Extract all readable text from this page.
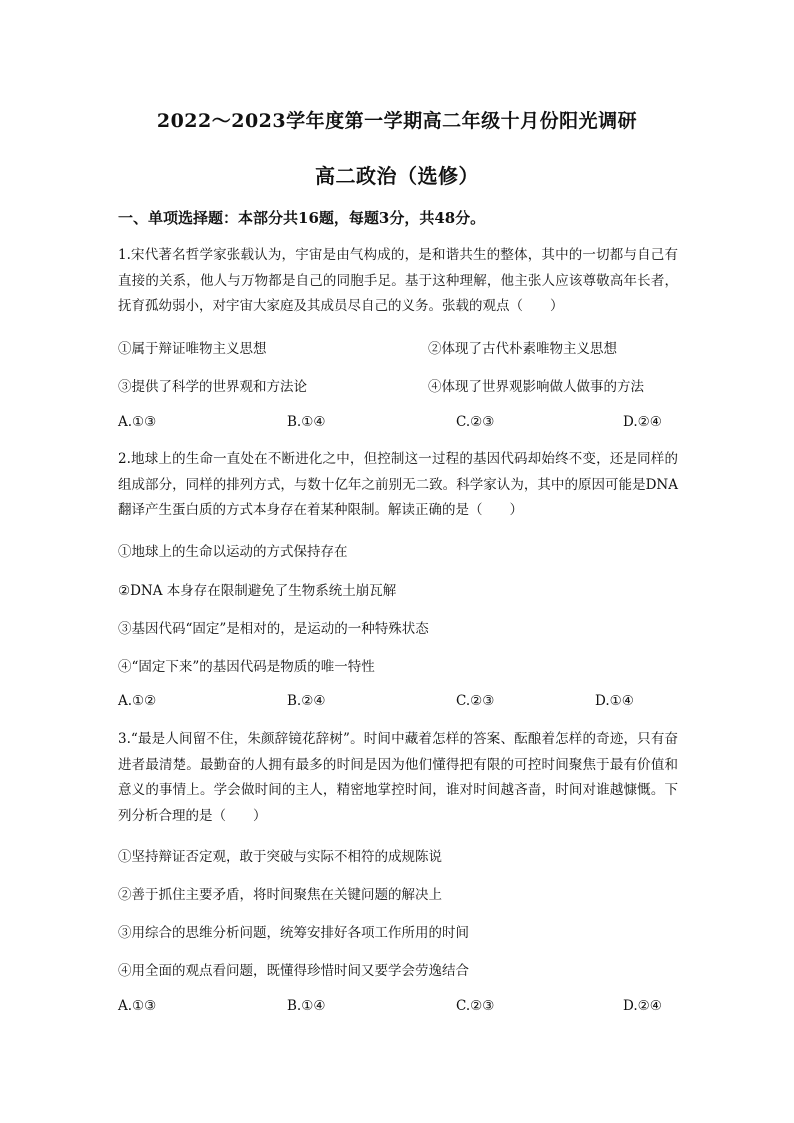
2022～2023学年度第一学期高二年级十月份阳光调研
高二政治（选修）
一、单项选择题：本部分共16题，每题3分，共48分。
1.宋代著名哲学家张载认为，宇宙是由气构成的，是和谐共生的整体，其中的一切都与自己有直接的关系，他人与万物都是自己的同胞手足。基于这种理解，他主张人应该尊敬高年长者，抚育孤幼弱小，对宇宙大家庭及其成员尽自己的义务。张载的观点（　　）
①属于辩证唯物主义思想	②体现了古代朴素唯物主义思想
③提供了科学的世界观和方法论	④体现了世界观影响做人做事的方法
A.①③	B.①④	C.②③	D.②④
2.地球上的生命一直处在不断进化之中，但控制这一过程的基因代码却始终不变，还是同样的组成部分，同样的排列方式，与数十亿年之前别无二致。科学家认为，其中的原因可能是DNA 翻译产生蛋白质的方式本身存在着某种限制。解读正确的是（　　）
①地球上的生命以运动的方式保持存在
②DNA 本身存在限制避免了生物系统土崩瓦解
③基因代码“固定”是相对的，是运动的一种特殊状态
④“固定下来”的基因代码是物质的唯一特性
A.①②	B.②④	C.②③	D.①④
3.“最是人间留不住，朱颜辞镜花辞树”。时间中藏着怎样的答案、酝酿着怎样的奇迹，只有奋进者最清楚。最勤奋的人拥有最多的时间是因为他们懂得把有限的可控时间聚焦于最有价值和意义的事情上。学会做时间的主人，精密地掌控时间，谁对时间越吝啬，时间对谁越慷慨。下列分析合理的是（　　）
①坚持辩证否定观，敢于突破与实际不相符的成规陈说
②善于抓住主要矛盾，将时间聚焦在关键问题的解决上
③用综合的思维分析问题，统筹安排好各项工作所用的时间
④用全面的观点看问题，既懂得珍惜时间又要学会劳逸结合
A.①③	B.①④	C.②③	D.②④
